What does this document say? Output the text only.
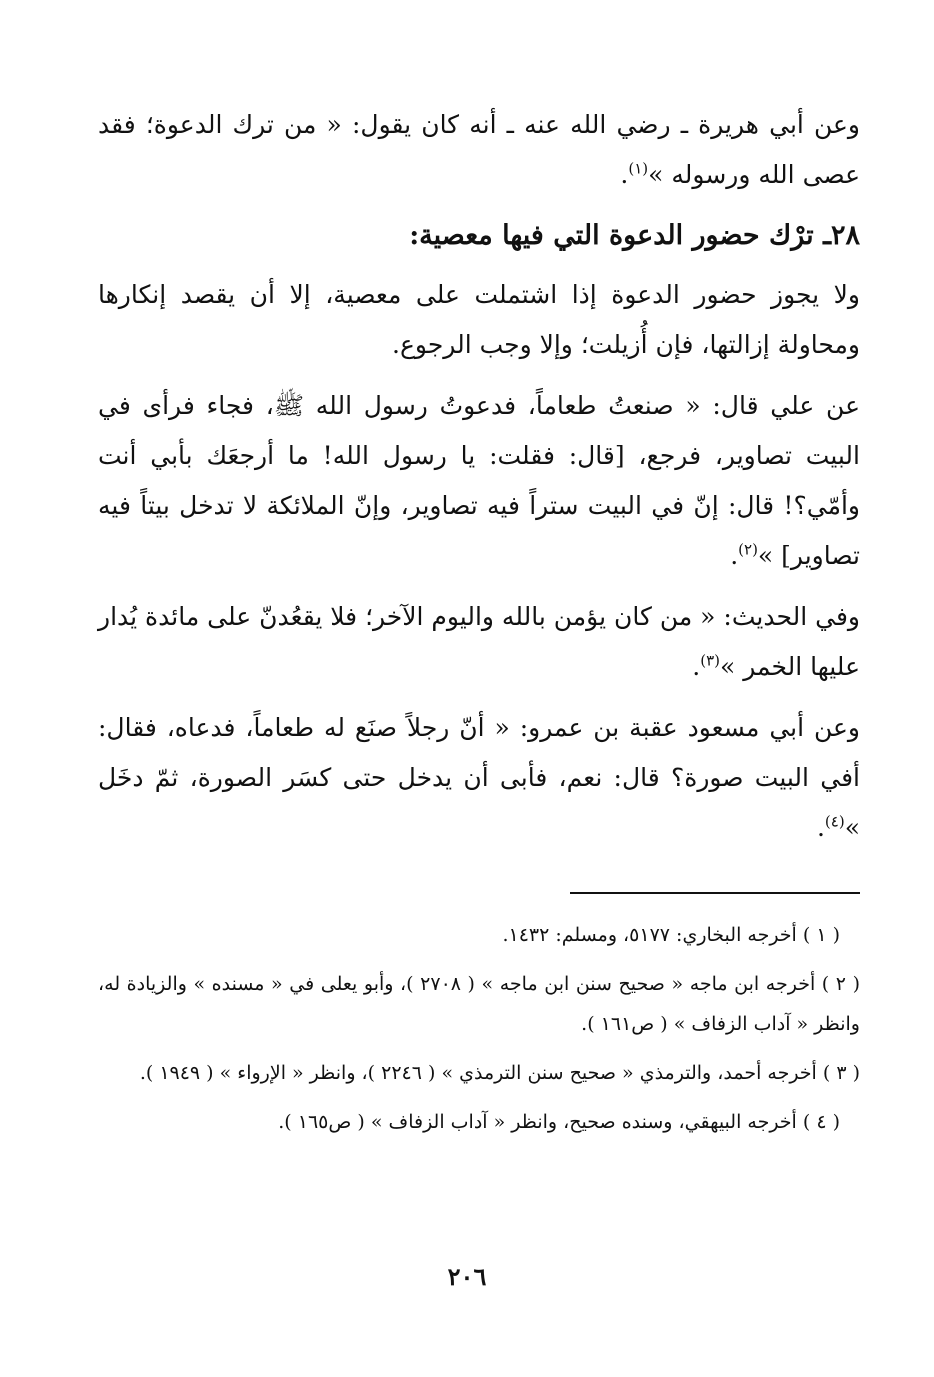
وعن أبي هريرة ـ رضي الله عنه ـ أنه كان يقول: « من ترك الدعوة؛ فقد عصى الله ورسوله »$^{(١)}$.

٢٨ـ ترْك حضور الدعوة التي فيها معصية:

ولا يجوز حضور الدعوة إذا اشتملت على معصية، إلا أن يقصد إنكارها ومحاولة إزالتها، فإن أُزيلت؛ وإلا وجب الرجوع.

عن علي قال: « صنعتُ طعاماً، فدعوتُ رسول الله ﷺ، فجاء فرأى في البيت تصاوير، فرجع، [قال: فقلت: يا رسول الله! ما أرجعَك بأبي أنت وأمّي؟! قال: إنّ في البيت ستراً فيه تصاوير، وإنّ الملائكة لا تدخل بيتاً فيه تصاوير] »$^{(٢)}$.

وفي الحديث: « من كان يؤمن بالله واليوم الآخر؛ فلا يقعُدنّ على مائدة يُدار عليها الخمر »$^{(٣)}$.

وعن أبي مسعود عقبة بن عمرو: « أنّ رجلاً صنَع له طعاماً، فدعاه، فقال: أفي البيت صورة؟ قال: نعم، فأبى أن يدخل حتى كسَر الصورة، ثمّ دخَل »$^{(٤)}$.

( ١ ) أخرجه البخاري: ٥١٧٧، ومسلم: ١٤٣٢.

( ٢ ) أخرجه ابن ماجه « صحيح سنن ابن ماجه » ( ٢٧٠٨ )، وأبو يعلى في « مسنده » والزيادة له، وانظر « آداب الزفاف » ( ص١٦١ ).

( ٣ ) أخرجه أحمد، والترمذي « صحيح سنن الترمذي » ( ٢٢٤٦ )، وانظر « الإرواء » ( ١٩٤٩ ).

( ٤ ) أخرجه البيهقي، وسنده صحيح، وانظر « آداب الزفاف » ( ص١٦٥ ).

٢٠٦
